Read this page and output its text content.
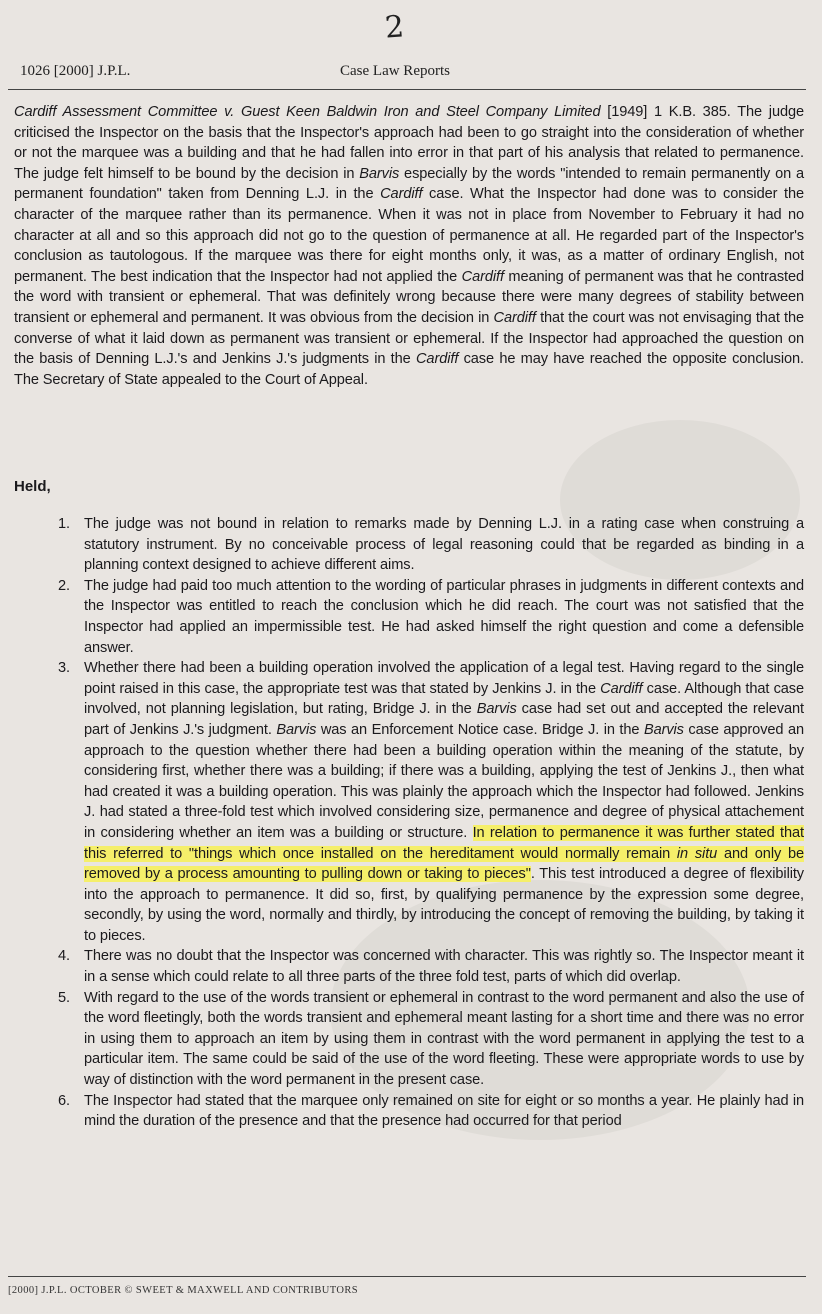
2
1026 [2000] J.P.L.	Case Law Reports

Cardiff Assessment Committee v. Guest Keen Baldwin Iron and Steel Company Limited [1949] 1 K.B. 385. The judge criticised the Inspector on the basis that the Inspector's approach had been to go straight into the consideration of whether or not the marquee was a building and that he had fallen into error in that part of his analysis that related to permanence. The judge felt himself to be bound by the decision in Barvis especially by the words "intended to remain permanently on a permanent foundation" taken from Denning L.J. in the Cardiff case. What the Inspector had done was to consider the character of the marquee rather than its permanence. When it was not in place from November to February it had no character at all and so this approach did not go to the question of permanence at all. He regarded part of the Inspector's conclusion as tautologous. If the marquee was there for eight months only, it was, as a matter of ordinary English, not permanent. The best indication that the Inspector had not applied the Cardiff meaning of permanent was that he contrasted the word with transient or ephemeral. That was definitely wrong because there were many degrees of stability between transient or ephemeral and permanent. It was obvious from the decision in Cardiff that the court was not envisaging that the converse of what it laid down as permanent was transient or ephemeral. If the Inspector had approached the question on the basis of Denning L.J.'s and Jenkins J.'s judgments in the Cardiff case he may have reached the opposite conclusion. The Secretary of State appealed to the Court of Appeal.

Held,
1. The judge was not bound in relation to remarks made by Denning L.J. in a rating case when construing a statutory instrument. By no conceivable process of legal reasoning could that be regarded as binding in a planning context designed to achieve different aims.
2. The judge had paid too much attention to the wording of particular phrases in judgments in different contexts and the Inspector was entitled to reach the conclusion which he did reach. The court was not satisfied that the Inspector had applied an impermissible test. He had asked himself the right question and come a defensible answer.
3. Whether there had been a building operation involved the application of a legal test. Having regard to the single point raised in this case, the appropriate test was that stated by Jenkins J. in the Cardiff case. Although that case involved, not planning legislation, but rating, Bridge J. in the Barvis case had set out and accepted the relevant part of Jenkins J.'s judgment. Barvis was an Enforcement Notice case. Bridge J. in the Barvis case approved an approach to the question whether there had been a building operation within the meaning of the statute, by considering first, whether there was a building; if there was a building, applying the test of Jenkins J., then what had created it was a building operation. This was plainly the approach which the Inspector had followed. Jenkins J. had stated a three-fold test which involved considering size, permanence and degree of physical attachement in considering whether an item was a building or structure. In relation to permanence it was further stated that this referred to "things which once installed on the hereditament would normally remain in situ and only be removed by a process amounting to pulling down or taking to pieces". This test introduced a degree of flexibility into the approach to permanence. It did so, first, by qualifying permanence by the expression some degree, secondly, by using the word, normally and thirdly, by introducing the concept of removing the building, by taking it to pieces.
4. There was no doubt that the Inspector was concerned with character. This was rightly so. The Inspector meant it in a sense which could relate to all three parts of the three fold test, parts of which did overlap.
5. With regard to the use of the words transient or ephemeral in contrast to the word permanent and also the use of the word fleetingly, both the words transient and ephemeral meant lasting for a short time and there was no error in using them to approach an item by using them in contrast with the word permanent in applying the test to a particular item. The same could be said of the use of the word fleeting. These were appropriate words to use by way of distinction with the word permanent in the present case.
6. The Inspector had stated that the marquee only remained on site for eight or so months a year. He plainly had in mind the duration of the presence and that the presence had occurred for that period
[2000] J.P.L. OCTOBER © SWEET & MAXWELL AND CONTRIBUTORS
